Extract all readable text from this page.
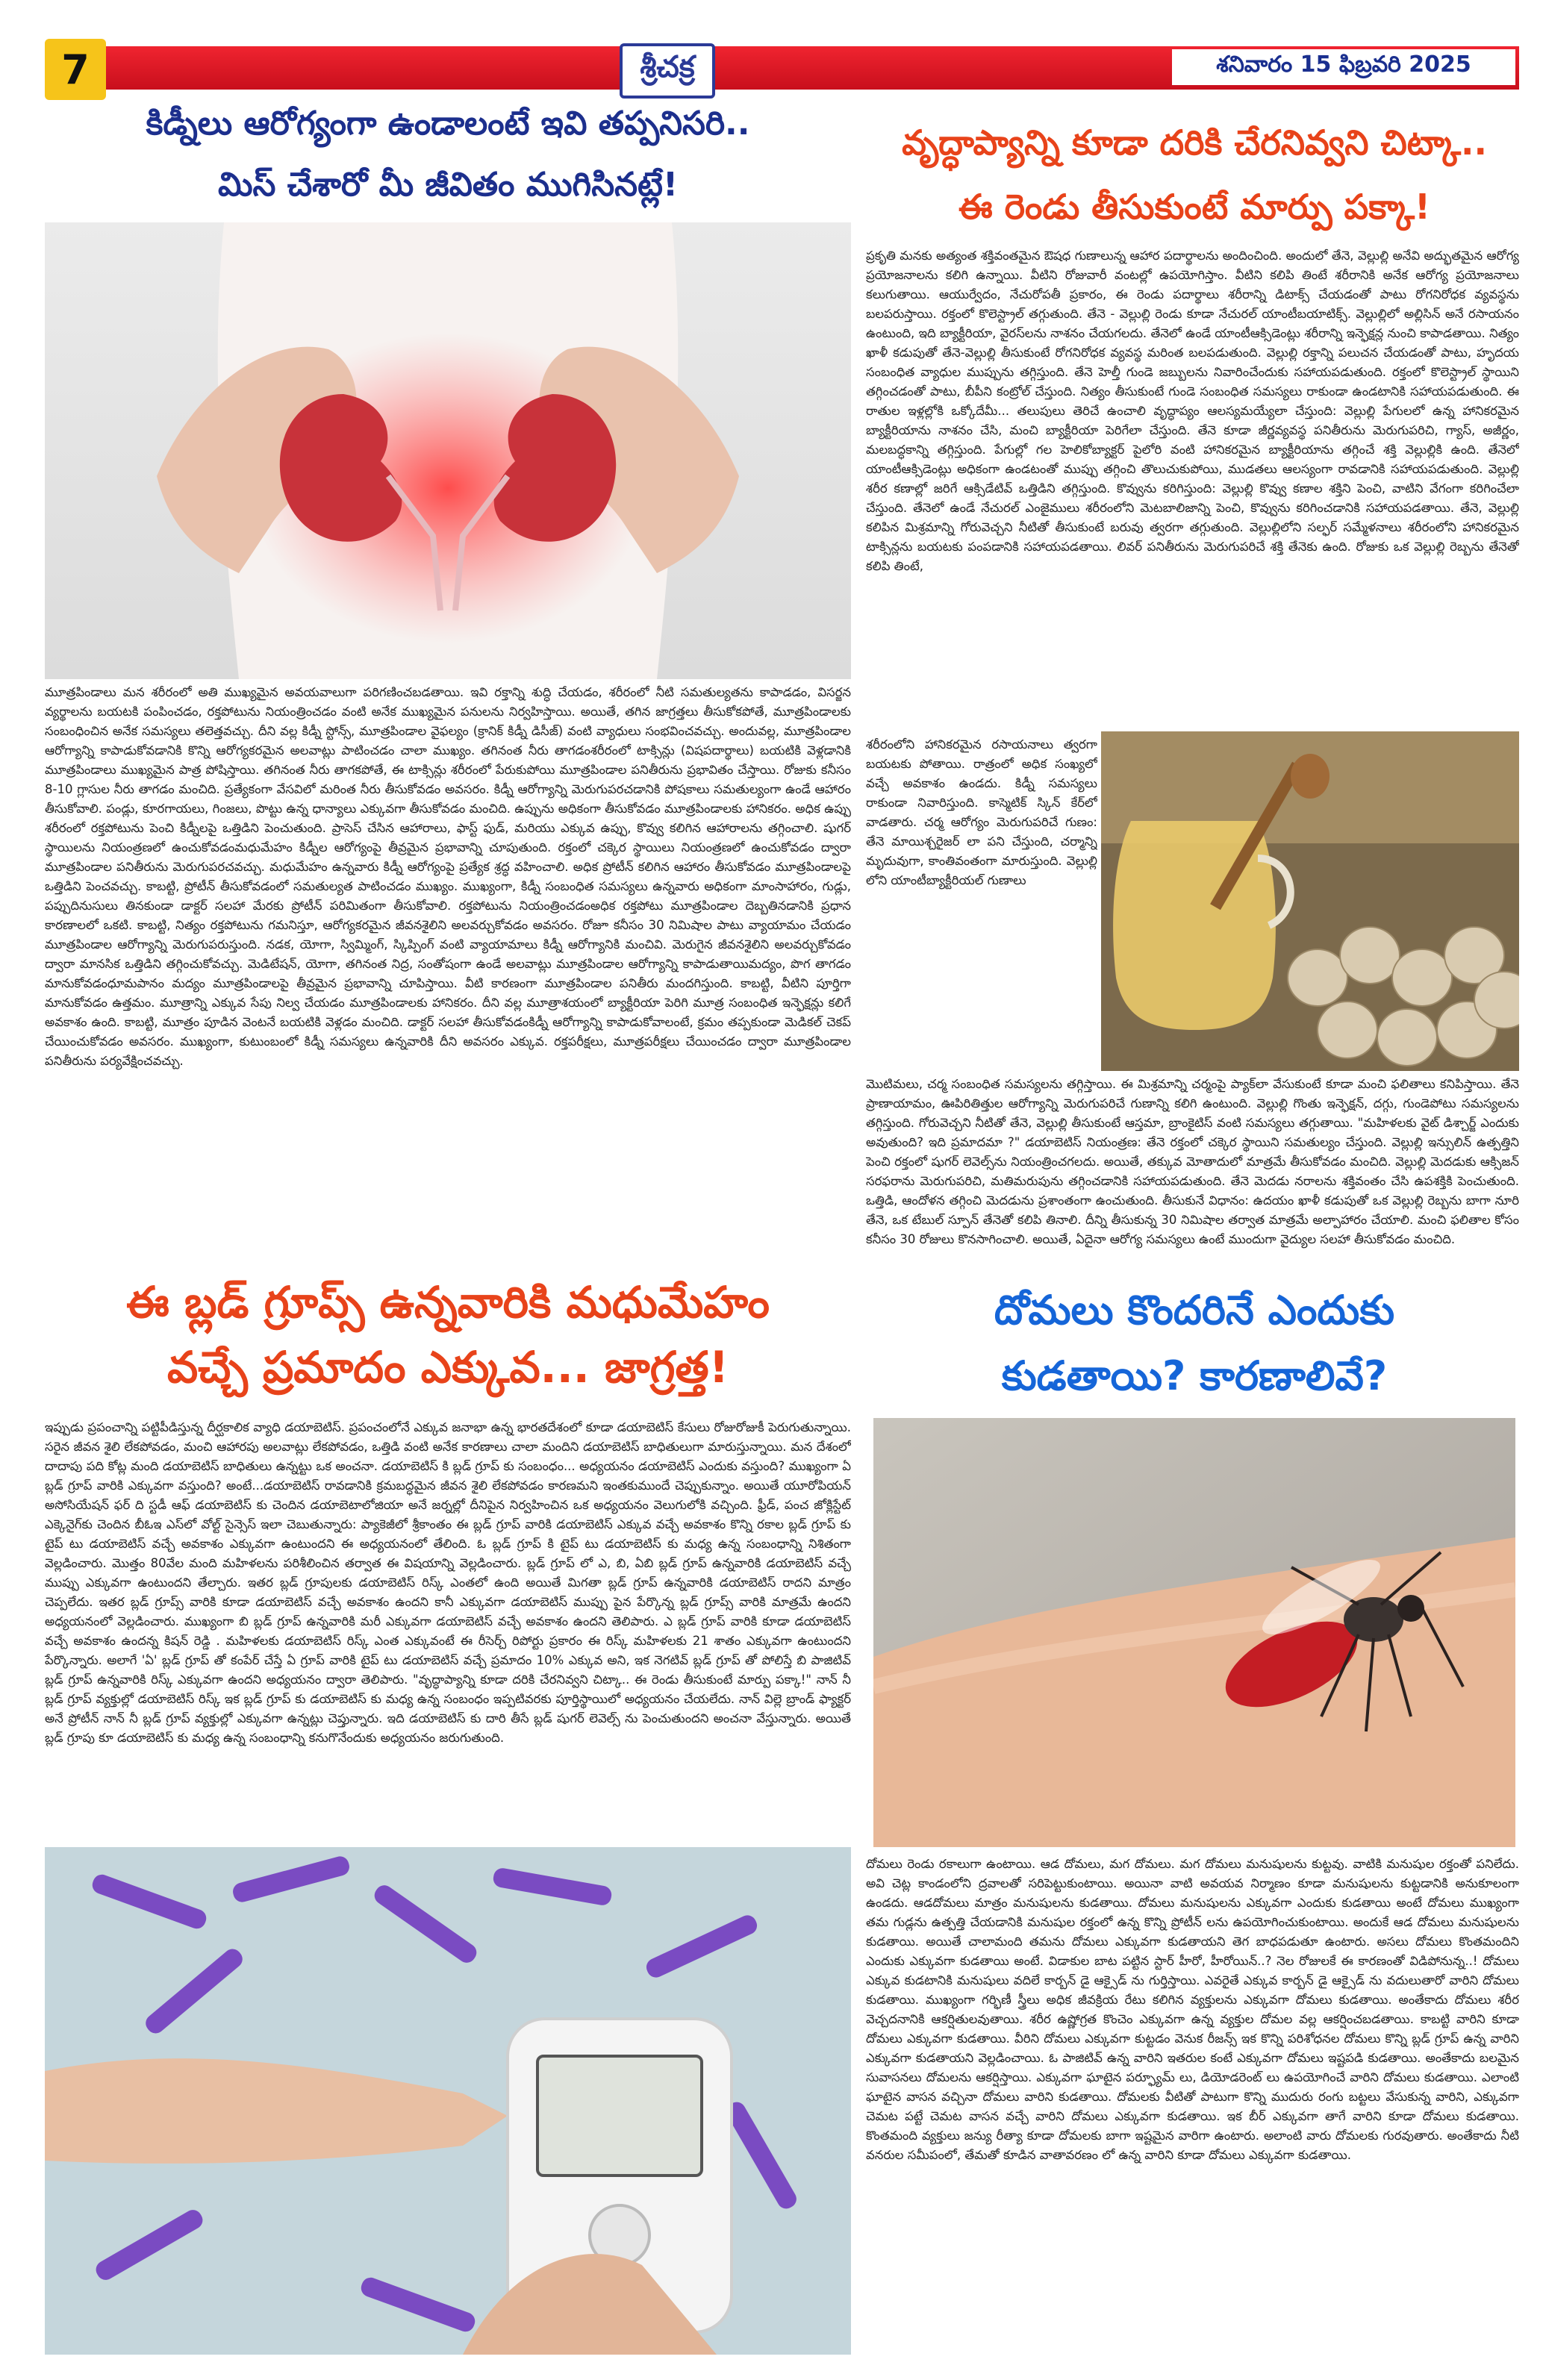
7	శ్రీచక్ర	శనివారం 15 ఫిబ్రవరి 2025
కిడ్నీలు ఆరోగ్యంగా ఉండాలంటే ఇవి తప్పనిసరి..
మిస్ చేశారో మీ జీవితం ముగిసినట్లే!
మూత్రపిండాలు మన శరీరంలో అతి ముఖ్యమైన అవయవాలుగా పరిగణించబడతాయి. ఇవి రక్తాన్ని శుద్ధి చేయడం, శరీరంలో నీటి సమతుల్యతను కాపాడడం, విసర్జన వ్యర్థాలను బయటకి పంపించడం, రక్తపోటును నియంత్రించడం వంటి అనేక ముఖ్యమైన పనులను నిర్వహిస్తాయి. అయితే, తగిన జాగ్రత్తలు తీసుకోకపోతే, మూత్రపిండాలకు సంబంధించిన అనేక సమస్యలు తలెత్తవచ్చు. దీని వల్ల కిడ్నీ స్టోన్స్, మూత్రపిండాల వైఫల్యం (క్రానిక్ కిడ్నీ డిసీజ్) వంటి వ్యాధులు సంభవించవచ్చు. అందువల్ల, మూత్రపిండాల ఆరోగ్యాన్ని కాపాడుకోవడానికి కొన్ని ఆరోగ్యకరమైన అలవాట్లు పాటించడం చాలా ముఖ్యం. తగినంత నీరు తాగడంశరీరంలో టాక్సిన్లు (విషపదార్థాలు) బయటికి వెళ్లడానికి మూత్రపిండాలు ముఖ్యమైన పాత్ర పోషిస్తాయి. తగినంత నీరు తాగకపోతే, ఈ టాక్సిన్లు శరీరంలో పేరుకుపోయి మూత్రపిండాల పనితీరును ప్రభావితం చేస్తాయి. రోజుకు కనీసం 8-10 గ్లాసుల నీరు తాగడం మంచిది. ప్రత్యేకంగా వేసవిలో మరింత నీరు తీసుకోవడం అవసరం. కిడ్నీ ఆరోగ్యాన్ని మెరుగుపరచడానికి పోషకాలు సమతుల్యంగా ఉండే ఆహారం తీసుకోవాలి. పండ్లు, కూరగాయలు, గింజలు, పొట్టు ఉన్న ధాన్యాలు ఎక్కువగా తీసుకోవడం మంచిది. ఉప్పును అధికంగా తీసుకోవడం మూత్రపిండాలకు హానికరం. అధిక ఉప్పు శరీరంలో రక్తపోటును పెంచి కిడ్నీలపై ఒత్తిడిని పెంచుతుంది. ప్రాసెస్ చేసిన ఆహారాలు, ఫాస్ట్ ఫుడ్, మరియు ఎక్కువ ఉప్పు, కొవ్వు కలిగిన ఆహారాలను తగ్గించాలి. షుగర్ స్థాయిలను నియంత్రణలో ఉంచుకోవడంమధుమేహం కిడ్నీల ఆరోగ్యంపై తీవ్రమైన ప్రభావాన్ని చూపుతుంది. రక్తంలో చక్కెర స్థాయిలు నియంత్రణలో ఉంచుకోవడం ద్వారా మూత్రపిండాల పనితీరును మెరుగుపరచవచ్చు. మధుమేహం ఉన్నవారు కిడ్నీ ఆరోగ్యంపై ప్రత్యేక శ్రద్ధ వహించాలి. అధిక ప్రోటీన్ కలిగిన ఆహారం తీసుకోవడం మూత్రపిండాలపై ఒత్తిడిని పెంచవచ్చు. కాబట్టి, ప్రోటీన్ తీసుకోవడంలో సమతుల్యత పాటించడం ముఖ్యం. ముఖ్యంగా, కిడ్నీ సంబంధిత సమస్యలు ఉన్నవారు అధికంగా మాంసాహారం, గుడ్లు, పప్పుదినుసులు తినకుండా డాక్టర్ సలహా మేరకు ప్రోటీన్ పరిమితంగా తీసుకోవాలి. రక్తపోటును నియంత్రించడంఅధిక రక్తపోటు మూత్రపిండాల దెబ్బతినడానికి ప్రధాన కారణాలలో ఒకటి. కాబట్టి, నిత్యం రక్తపోటును గమనిస్తూ, ఆరోగ్యకరమైన జీవనశైలిని అలవర్చుకోవడం అవసరం. రోజూ కనీసం 30 నిమిషాల పాటు వ్యాయామం చేయడం మూత్రపిండాల ఆరోగ్యాన్ని మెరుగుపరుస్తుంది. నడక, యోగా, స్విమ్మింగ్, స్కిప్పింగ్ వంటి వ్యాయామాలు కిడ్నీ ఆరోగ్యానికి మంచివి. మెరుగైన జీవనశైలిని అలవర్చుకోవడం ద్వారా మానసిక ఒత్తిడిని తగ్గించుకోవచ్చు. మెడిటేషన్, యోగా, తగినంత నిద్ర, సంతోషంగా ఉండే అలవాట్లు మూత్రపిండాల ఆరోగ్యాన్ని కాపాడుతాయిమద్యం, పొగ తాగడం మానుకోవడంధూమపానం మద్యం మూత్రపిండాలపై తీవ్రమైన ప్రభావాన్ని చూపిస్తాయి. వీటి కారణంగా మూత్రపిండాల పనితీరు మందగిస్తుంది. కాబట్టి, వీటిని పూర్తిగా మానుకోవడం ఉత్తమం. మూత్రాన్ని ఎక్కువ సేపు నిల్వ చేయడం మూత్రపిండాలకు హానికరం. దీని వల్ల మూత్రాశయంలో బ్యాక్టీరియా పెరిగి మూత్ర సంబంధిత ఇన్ఫెక్షన్లు కలిగే అవకాశం ఉంది. కాబట్టి, మూత్రం పూడిన వెంటనే బయటికి వెళ్లడం మంచిది. డాక్టర్ సలహా తీసుకోవడంకిడ్నీ ఆరోగ్యాన్ని కాపాడుకోవాలంటే, క్రమం తప్పకుండా మెడికల్ చెకప్ చేయించుకోవడం అవసరం. ముఖ్యంగా, కుటుంబంలో కిడ్నీ సమస్యలు ఉన్నవారికి దీని అవసరం ఎక్కువ. రక్తపరీక్షలు, మూత్రపరీక్షలు చేయించడం ద్వారా మూత్రపిండాల పనితీరును పర్యవేక్షించవచ్చు.
ఈ బ్లడ్ గ్రూప్స్ ఉన్నవారికి మధుమేహం
వచ్చే ప్రమాదం ఎక్కువ... జాగ్రత్త!
ఇప్పుడు ప్రపంచాన్ని పట్టిపీడిస్తున్న దీర్ఘకాలిక వ్యాధి డయాబెటిస్. ప్రపంచంలోనే ఎక్కువ జనాభా ఉన్న భారతదేశంలో కూడా డయాబెటిస్ కేసులు రోజురోజుకీ పెరుగుతున్నాయి. సరైన జీవన శైలి లేకపోవడం, మంచి ఆహారపు అలవాట్లు లేకపోవడం, ఒత్తిడి వంటి అనేక కారణాలు చాలా మందిని డయాబెటిస్ బాధితులుగా మారుస్తున్నాయి. మన దేశంలో దాదాపు పది కోట్ల మంది డయాబెటిస్ బాధితులు ఉన్నట్టు ఒక అంచనా. డయాబెటిస్ కి బ్లడ్ గ్రూప్ కు సంబంధం... అధ్యయనం డయాబెటిస్ ఎందుకు వస్తుంది? ముఖ్యంగా ఏ బ్లడ్ గ్రూప్ వారికి ఎక్కువగా వస్తుంది? అంటే...డయాబెటిస్ రావడానికి క్రమబద్ధమైన జీవన శైలి లేకపోవడం కారణమని ఇంతకుముందే చెప్పుకున్నాం. అయితే యూరోపియన్ అసోసియేషన్ ఫర్ ది స్టడీ ఆఫ్ డయాబెటిస్ కు చెందిన డయాబెటాలోజియా అనే జర్నల్లో దీనిపైన నిర్వహించిన ఒక అధ్యయనం వెలుగులోకి వచ్చింది. ఫ్రీడ్, పంచ జోక్లిస్టేట్ ఎక్కెనైగ్‌కు చెందిన బీఓఇ ఎస్‌లో వోల్ట్ సైన్సెస్ ఇలా చెబుతున్నారు: ప్యాకెజీలో శ్రీకాంతం ఈ బ్లడ్ గ్రూప్ వారికి డయాబెటిస్ ఎక్కువ వచ్చే అవకాశం కొన్ని రకాల బ్లడ్ గ్రూప్ కు టైప్ టు డయాబెటిస్ వచ్చే అవకాశం ఎక్కువగా ఉంటుందని ఈ అధ్యయనంలో తేలింది. ఓ బ్లడ్ గ్రూప్ కి టైప్ టు డయాబెటిస్ కు మధ్య ఉన్న సంబంధాన్ని నిశితంగా వెల్లడించారు. మొత్తం 80వేల మంది మహిళలను పరిశీలించిన తర్వాత ఈ విషయాన్ని వెల్లడించారు. బ్లడ్ గ్రూప్ లో ఎ, బి, ఏబి బ్లడ్ గ్రూప్ ఉన్నవారికి డయాబెటిస్ వచ్చే ముప్పు ఎక్కువగా ఉంటుందని తేల్చారు. ఇతర బ్లడ్ గ్రూపులకు డయాబెటిస్ రిస్క్ ఎంతలో ఉంది అయితే మిగతా బ్లడ్ గ్రూప్ ఉన్నవారికి డయాబెటిస్ రాదని మాత్రం చెప్పలేదు. ఇతర బ్లడ్ గ్రూప్స్ వారికి కూడా డయాబెటిస్ వచ్చే అవకాశం ఉందని కానీ ఎక్కువగా డయాబెటిస్ ముప్పు పైన పేర్కొన్న బ్లడ్ గ్రూప్స్ వారికి మాత్రమే ఉందని అధ్యయనంలో వెల్లడించారు. ముఖ్యంగా బి బ్లడ్ గ్రూప్ ఉన్నవారికి మరీ ఎక్కువగా డయాబెటిస్ వచ్చే అవకాశం ఉందని తెలిపారు. ఎ బ్లడ్ గ్రూప్ వారికి కూడా డయాబెటిస్ వచ్చే అవకాశం ఉందన్న కిషన్ రెడ్డి . మహిళలకు డయాబెటిస్ రిస్క్ ఎంత ఎక్కువంటే ఈ రీసెర్చ్ రిపోర్టు ప్రకారం ఈ రిస్క్ మహిళలకు 21 శాతం ఎక్కువగా ఉంటుందని పేర్కొన్నారు. అలాగే 'ఏ' బ్లడ్ గ్రూప్ తో కంపేర్ చేస్తే ఏ గ్రూప్ వారికి టైప్ టు డయాబెటిస్ వచ్చే ప్రమాదం 10% ఎక్కువ అని, ఇక నెగటివ్ బ్లడ్ గ్రూప్ తో పోలిస్తే బి పాజిటివ్ బ్లడ్ గ్రూప్ ఉన్నవారికి రిస్క్ ఎక్కువగా ఉందని అధ్యయనం ద్వారా తెలిపారు. "వృద్ధాప్యాన్ని కూడా దరికి చేరనివ్వని చిట్కా.. ఈ రెండు తీసుకుంటే మార్పు పక్కా!" నాన్ నీ బ్లడ్ గ్రూప్ వ్యక్తుల్లో డయాబెటిస్ రిస్క్ ఇక బ్లడ్ గ్రూప్ కు డయాబెటిస్ కు మధ్య ఉన్న సంబంధం ఇప్పటివరకు పూర్తిస్థాయిలో అధ్యయనం చేయలేదు. నాన్ విల్లె బ్రాండ్ ఫ్యాక్టర్ అనే ప్రోటీన్ నాన్ నీ బ్లడ్ గ్రూప్ వ్యక్తుల్లో ఎక్కువగా ఉన్నట్లు చెప్తున్నారు. ఇది డయాబెటిస్ కు దారి తీసే బ్లడ్ షుగర్ లెవెల్స్ ను పెంచుతుందని అంచనా వేస్తున్నారు. అయితే బ్లడ్ గ్రూపు కూ డయాబెటిస్ కు మధ్య ఉన్న సంబంధాన్ని కనుగొనేందుకు అధ్యయనం జరుగుతుంది.
వృద్ధాప్యాన్ని కూడా దరికి చేరనివ్వని చిట్కా..
ఈ రెండు తీసుకుంటే మార్పు పక్కా!
ప్రకృతి మనకు అత్యంత శక్తివంతమైన ఔషధ గుణాలున్న ఆహార పదార్థాలను అందించింది. అందులో తేనె, వెల్లుల్లి అనేవి అద్భుతమైన ఆరోగ్య ప్రయోజనాలను కలిగి ఉన్నాయి. వీటిని రోజువారీ వంటల్లో ఉపయోగిస్తాం. వీటిని కలిపి తింటే శరీరానికి అనేక ఆరోగ్య ప్రయోజనాలు కలుగుతాయి. ఆయుర్వేదం, నేచురోపతీ ప్రకారం, ఈ రెండు పదార్థాలు శరీరాన్ని డిటాక్స్ చేయడంతో పాటు రోగనిరోధక వ్యవస్థను బలపరుస్తాయి. రక్తంలో కొలెస్ట్రాల్ తగ్గుతుంది. తేనె - వెల్లుల్లి రెండు కూడా నేచురల్ యాంటీబయాటిక్స్. వెల్లుల్లిలో అల్లిసిన్ అనే రసాయనం ఉంటుంది, ఇది బ్యాక్టీరియా, వైరస్‌లను నాశనం చేయగలదు. తేనెలో ఉండే యాంటీఆక్సిడెంట్లు శరీరాన్ని ఇన్ఫెక్షన్ల నుంచి కాపాడతాయి. నిత్యం ఖాళీ కడుపుతో తేనె-వెల్లుల్లి తీసుకుంటే రోగనిరోధక వ్యవస్థ మరింత బలపడుతుంది. వెల్లుల్లి రక్తాన్ని పలుచన చేయడంతో పాటు, హృదయ సంబంధిత వ్యాధుల ముప్పును తగ్గిస్తుంది. తేనె హెల్తీ గుండె జబ్బులను నివారించేందుకు సహాయపడుతుంది. రక్తంలో కొలెస్ట్రాల్ స్థాయిని తగ్గించడంతో పాటు, బీపీని కంట్రోల్ చేస్తుంది. నిత్యం తీసుకుంటే గుండె సంబంధిత సమస్యలు రాకుండా ఉండటానికి సహాయపడుతుంది. ఈ రాతుల ఇళ్లల్లోకి ఒక్కోదేమీ... తలుపులు తెరిచే ఉంచాలి వృద్ధాప్యం ఆలస్యమయ్యేలా చేస్తుంది: వెల్లుల్లి పేగులలో ఉన్న హానికరమైన బ్యాక్టీరియాను నాశనం చేసి, మంచి బ్యాక్టీరియా పెరిగేలా చేస్తుంది. తేనె కూడా జీర్ణవ్యవస్థ పనితీరును మెరుగుపరిచి, గ్యాస్, అజీర్ణం, మలబద్ధకాన్ని తగ్గిస్తుంది. పేగుల్లో గల హెలికోబ్యాక్టర్ పైలోరి వంటి హానికరమైన బ్యాక్టీరియాను తగ్గించే శక్తి వెల్లుల్లికి ఉంది. తేనెలో యాంటీఆక్సిడెంట్లు అధికంగా ఉండటంతో ముప్పు తగ్గించి తొలుచుకుపోయి, ముడతలు ఆలస్యంగా రావడానికి సహాయపడుతుంది. వెల్లుల్లి శరీర కణాల్లో జరిగే ఆక్సిడేటివ్ ఒత్తిడిని తగ్గిస్తుంది. కొవ్వును కరిగిస్తుంది: వెల్లుల్లి కొవ్వు కణాల శక్తిని పెంచి, వాటిని వేగంగా కరిగించేలా చేస్తుంది. తేనెలో ఉండే నేచురల్ ఎంజైములు శరీరంలోని మెటబాలిజాన్ని పెంచి, కొవ్వును కరిగించడానికి సహాయపడతాయి. తేనె, వెల్లుల్లి కలిపిన మిశ్రమాన్ని గోరువెచ్చని నీటితో తీసుకుంటే బరువు త్వరగా తగ్గుతుంది. వెల్లుల్లిలోని సల్ఫర్ సమ్మేళనాలు శరీరంలోని హానికరమైన టాక్సిన్లను బయటకు పంపడానికి సహాయపడతాయి. లివర్ పనితీరును మెరుగుపరిచే శక్తి తేనెకు ఉంది. రోజుకు ఒక వెల్లుల్లి రెబ్బను తేనెతో కలిపి తింటే,
శరీరంలోని హానికరమైన రసాయనాలు త్వరగా బయటకు పోతాయి. రాత్రంలో అధిక సంఖ్యలో వచ్చే అవకాశం ఉండదు. కిడ్నీ సమస్యలు రాకుండా నివారిస్తుంది. కాస్మెటిక్ స్కిన్ కేర్‌లో వాడతారు. చర్మ ఆరోగ్యం మెరుగుపరిచే గుణం: తేనె మాయిశ్చరైజర్ లా పని చేస్తుంది, చర్మాన్ని మృదువుగా, కాంతివంతంగా మారుస్తుంది. వెల్లుల్లి లోని యాంటీబ్యాక్టీరియల్ గుణాలు
మొటిమలు, చర్మ సంబంధిత సమస్యలను తగ్గిస్తాయి. ఈ మిశ్రమాన్ని చర్మంపై ప్యాక్‌లా వేసుకుంటే కూడా మంచి ఫలితాలు కనిపిస్తాయి. తేనె ప్రాణాయామం, ఊపిరితిత్తుల ఆరోగ్యాన్ని మెరుగుపరిచే గుణాన్ని కలిగి ఉంటుంది. వెల్లుల్లి గొంతు ఇన్ఫెక్షన్, దగ్గు, గుండెపోటు సమస్యలను తగ్గిస్తుంది. గోరువెచ్చని నీటితో తేనె, వెల్లుల్లి తీసుకుంటే ఆస్తమా, బ్రాంకైటిస్ వంటి సమస్యలు తగ్గుతాయి. "మహిళలకు వైట్ డిశ్చార్జ్ ఎందుకు అవుతుంది? ఇది ప్రమాదమా ?" డయాబెటిస్ నియంత్రణ: తేనె రక్తంలో చక్కెర స్థాయిని సమతుల్యం చేస్తుంది. వెల్లుల్లి ఇన్సులిన్ ఉత్పత్తిని పెంచి రక్తంలో షుగర్ లెవెల్స్‌ను నియంత్రించగలదు. అయితే, తక్కువ మోతాదులో మాత్రమే తీసుకోవడం మంచిది. వెల్లుల్లి మెదడుకు ఆక్సిజన్ సరఫరాను మెరుగుపరిచి, మతిమరుపును తగ్గించడానికి సహాయపడుతుంది. తేనె మెదడు నరాలను శక్తివంతం చేసి ఉపశక్తికి పెంచుతుంది. ఒత్తిడి, ఆందోళన తగ్గించి మెదడును ప్రశాంతంగా ఉంచుతుంది. తీసుకునే విధానం: ఉదయం ఖాళీ కడుపుతో ఒక వెల్లుల్లి రెబ్బను బాగా నూరి తేనె, ఒక టేబుల్ స్పూన్ తేనెతో కలిపి తినాలి. దీన్ని తీసుకున్న 30 నిమిషాల తర్వాత మాత్రమే అల్పాహారం చేయాలి. మంచి ఫలితాల కోసం కనీసం 30 రోజులు కొనసాగించాలి. అయితే, ఏదైనా ఆరోగ్య సమస్యలు ఉంటే ముందుగా వైద్యుల సలహా తీసుకోవడం మంచిది.
దోమలు కొందరినే ఎందుకు
కుడతాయి? కారణాలివే?
దోమలు రెండు రకాలుగా ఉంటాయి. ఆడ దోమలు, మగ దోమలు. మగ దోమలు మనుషులను కుట్టవు. వాటికి మనుషుల రక్తంతో పనిలేదు. అవి చెట్ల కాండంలోని ద్రవాలతో సరిపెట్టుకుంటాయి. అయినా వాటి అవయవ నిర్మాణం కూడా మనుషులను కుట్టడానికి అనుకూలంగా ఉండదు. ఆడదోమలు మాత్రం మనుషులను కుడతాయి. దోమలు మనుషులను ఎక్కువగా ఎందుకు కుడతాయి అంటే దోమలు ముఖ్యంగా తమ గుడ్లను ఉత్పత్తి చేయడానికి మనుషుల రక్తంలో ఉన్న కొన్ని ప్రోటీన్ లను ఉపయోగించుకుంటాయి. అందుకే ఆడ దోమలు మనుషులను కుడతాయి. అయితే చాలామంది తమను దోమలు ఎక్కువగా కుడతాయని తెగ బాధపడుతూ ఉంటారు. అసలు దోమలు కొంతమందిని ఎందుకు ఎక్కువగా కుడతాయి అంటే. విడాకుల బాట పట్టిన స్టార్ హీరో, హీరోయిన్..? నెల రోజులకే ఈ కారణంతో విడిపోనున్న..! దోమలు ఎక్కువ కుడటానికి మనుషులు వదిలే కార్బన్ డై ఆక్సైడ్ ను గుర్తిస్తాయి. ఎవరైతే ఎక్కువ కార్బన్ డై ఆక్సైడ్ ను వదులుతారో వారిని దోమలు కుడతాయి. ముఖ్యంగా గర్భిణీ స్త్రీలు అధిక జీవక్రియ రేటు కలిగిన వ్యక్తులను ఎక్కువగా దోమలు కుడతాయి. అంతేకాదు దోమలు శరీర వెచ్చదనానికి ఆకర్షితులవుతాయి. శరీర ఉష్ణోగ్రత కొంచెం ఎక్కువగా ఉన్న వ్యక్తుల దోమల వల్ల ఆకర్షించబడతాయి. కాబట్టి వారిని కూడా దోమలు ఎక్కువగా కుడతాయి. వీరిని దోమలు ఎక్కువగా కుట్టడం వెనుక రీజన్స్ ఇక కొన్ని పరిశోధనల దోమలు కొన్ని బ్లడ్ గ్రూప్ ఉన్న వారిని ఎక్కువగా కుడతాయని వెల్లడించాయి. ఓ పాజిటివ్ ఉన్న వారిని ఇతరుల కంటే ఎక్కువగా దోమలు ఇష్టపడి కుడతాయి. అంతేకాదు బలమైన సువాసనలు దోమలను ఆకర్షిస్తాయి. ఎక్కువగా ఘాటైన పర్ఫ్యూమ్ లు, డియోడరెంట్ లు ఉపయోగించే వారిని దోమలు కుడతాయి. ఎలాంటి ఘాటైన వాసన వచ్చినా దోమలు వారిని కుడతాయి. దోమలకు వీటితో పాటుగా కొన్ని ముదురు రంగు బట్టలు వేసుకున్న వారిని, ఎక్కువగా చెమట పట్టే చెమట వాసన వచ్చే వారిని దోమలు ఎక్కువగా కుడతాయి. ఇక బీర్ ఎక్కువగా తాగే వారిని కూడా దోమలు కుడతాయి. కొంతమంది వ్యక్తులు జన్యు రీత్యా కూడా దోమలకు బాగా ఇష్టమైన వారిగా ఉంటారు. అలాంటి వారు దోమలకు గురవుతారు. అంతేకాదు నీటి వనరుల సమీపంలో, తేమతో కూడిన వాతావరణం లో ఉన్న వారిని కూడా దోమలు ఎక్కువగా కుడతాయి.
